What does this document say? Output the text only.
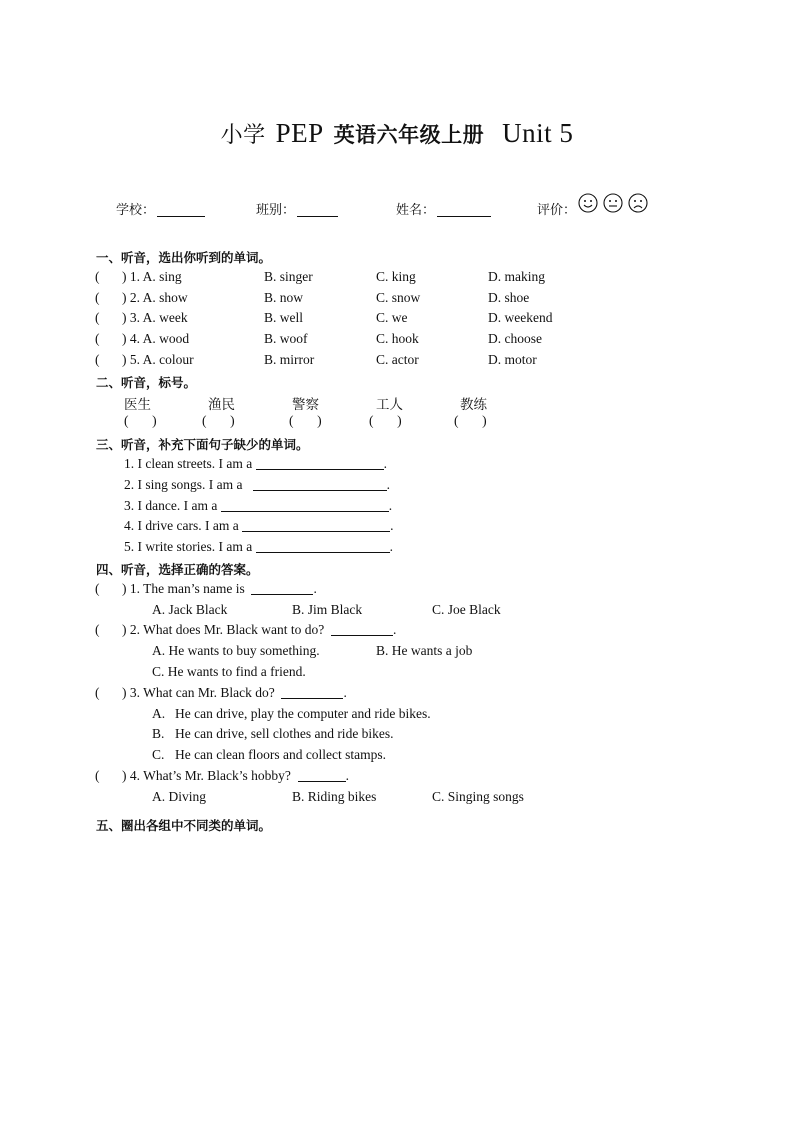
小学 PEP 英语六年级上册 Unit 5
学校：	班别：	姓名：	评价：

一、听音，选出你听到的单词。
( ) 1. A. sing	B. singer	C. king	D. making
( ) 2. A. show	B. now	C. snow	D. shoe
( ) 3. A. week	B. well	C. we	D. weekend
( ) 4. A. wood	B. woof	C. hook	D. choose
( ) 5. A. colour	B. mirror	C. actor	D. motor
二、听音，标号。
医生	渔民	警察	工人	教练
(       )	(       )	(       )	(       )	(       )
三、听音，补充下面句子缺少的单词。
1. I clean streets. I am a	.
2. I sing songs. I am a	.
3. I dance. I am a	.
4. I drive cars. I am a	.
5. I write stories. I am a	.
四、听音，选择正确的答案。
( ) 1. The man’s name is	.
A. Jack Black	B. Jim Black	C. Joe Black
( ) 2. What does Mr. Black want to do?	.
A. He wants to buy something.	B. He wants a job
C. He wants to find a friend.
( ) 3. What can Mr. Black do?	.
A. He can drive, play the computer and ride bikes.
B. He can drive, sell clothes and ride bikes.
C. He can clean floors and collect stamps.
( ) 4. What’s Mr. Black’s hobby?	.
A. Diving	B. Riding bikes	C. Singing songs
五、圈出各组中不同类的单词。
